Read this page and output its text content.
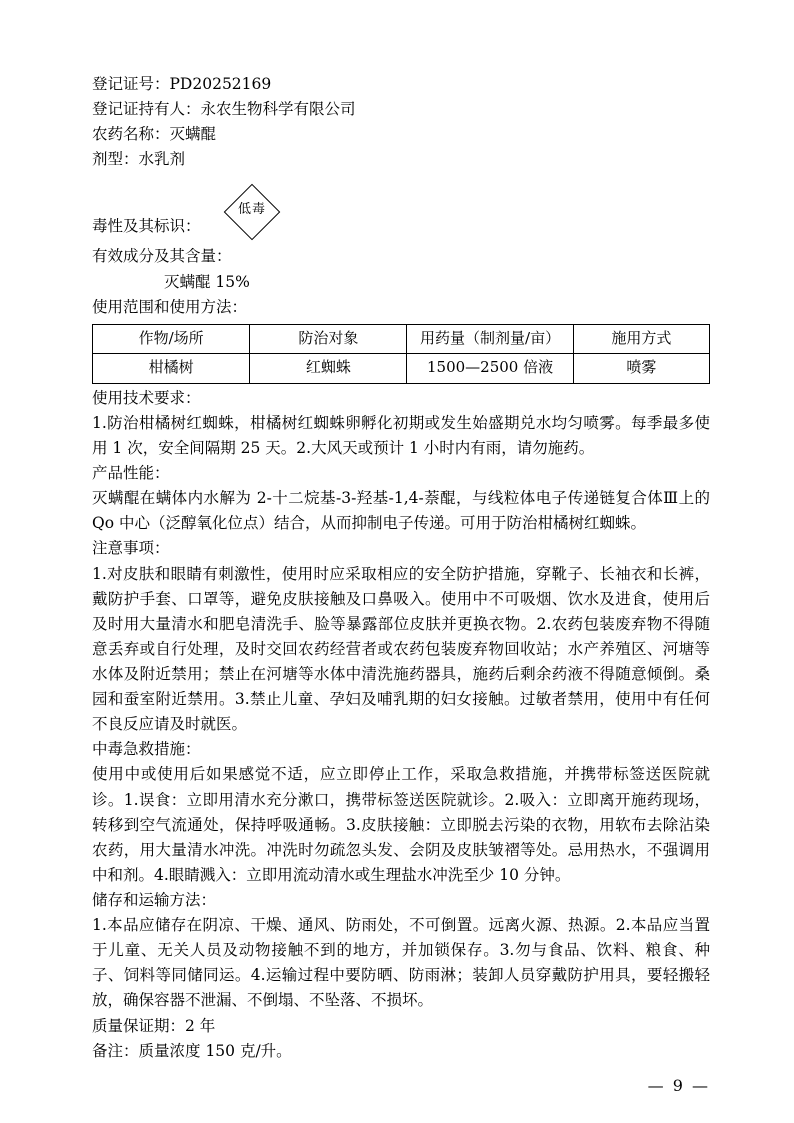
登记证号：PD20252169
登记证持有人：永农生物科学有限公司
农药名称：灭螨醌
剂型：水乳剂
低毒
毒性及其标识：
有效成分及其含量：
灭螨醌 15%
使用范围和使用方法：
作物/场所	防治对象	用药量（制剂量/亩）	施用方式
柑橘树	红蜘蛛	1500—2500 倍液	喷雾
使用技术要求：

1.防治柑橘树红蜘蛛，柑橘树红蜘蛛卵孵化初期或发生始盛期兑水均匀喷雾。每季最多使用 1 次，安全间隔期 25 天。2.大风天或预计 1 小时内有雨，请勿施药。

产品性能：

灭螨醌在螨体内水解为 2-十二烷基-3-羟基-1,4-萘醌，与线粒体电子传递链复合体Ⅲ上的 Qo 中心（泛醇氧化位点）结合，从而抑制电子传递。可用于防治柑橘树红蜘蛛。

注意事项：

1.对皮肤和眼睛有刺激性，使用时应采取相应的安全防护措施，穿靴子、长袖衣和长裤，戴防护手套、口罩等，避免皮肤接触及口鼻吸入。使用中不可吸烟、饮水及进食，使用后及时用大量清水和肥皂清洗手、脸等暴露部位皮肤并更换衣物。2.农药包装废弃物不得随意丢弃或自行处理，及时交回农药经营者或农药包装废弃物回收站；水产养殖区、河塘等水体及附近禁用；禁止在河塘等水体中清洗施药器具，施药后剩余药液不得随意倾倒。桑园和蚕室附近禁用。3.禁止儿童、孕妇及哺乳期的妇女接触。过敏者禁用，使用中有任何不良反应请及时就医。

中毒急救措施：

使用中或使用后如果感觉不适，应立即停止工作，采取急救措施，并携带标签送医院就诊。1.误食：立即用清水充分漱口，携带标签送医院就诊。2.吸入：立即离开施药现场，转移到空气流通处，保持呼吸通畅。3.皮肤接触：立即脱去污染的衣物，用软布去除沾染农药，用大量清水冲洗。冲洗时勿疏忽头发、会阴及皮肤皱褶等处。忌用热水，不强调用中和剂。4.眼睛溅入：立即用流动清水或生理盐水冲洗至少 10 分钟。

储存和运输方法：

1.本品应储存在阴凉、干燥、通风、防雨处，不可倒置。远离火源、热源。2.本品应当置于儿童、无关人员及动物接触不到的地方，并加锁保存。3.勿与食品、饮料、粮食、种子、饲料等同储同运。4.运输过程中要防晒、防雨淋；装卸人员穿戴防护用具，要轻搬轻放，确保容器不泄漏、不倒塌、不坠落、不损坏。

质量保证期：2 年
备注：质量浓度 150 克/升。
— 9 —
